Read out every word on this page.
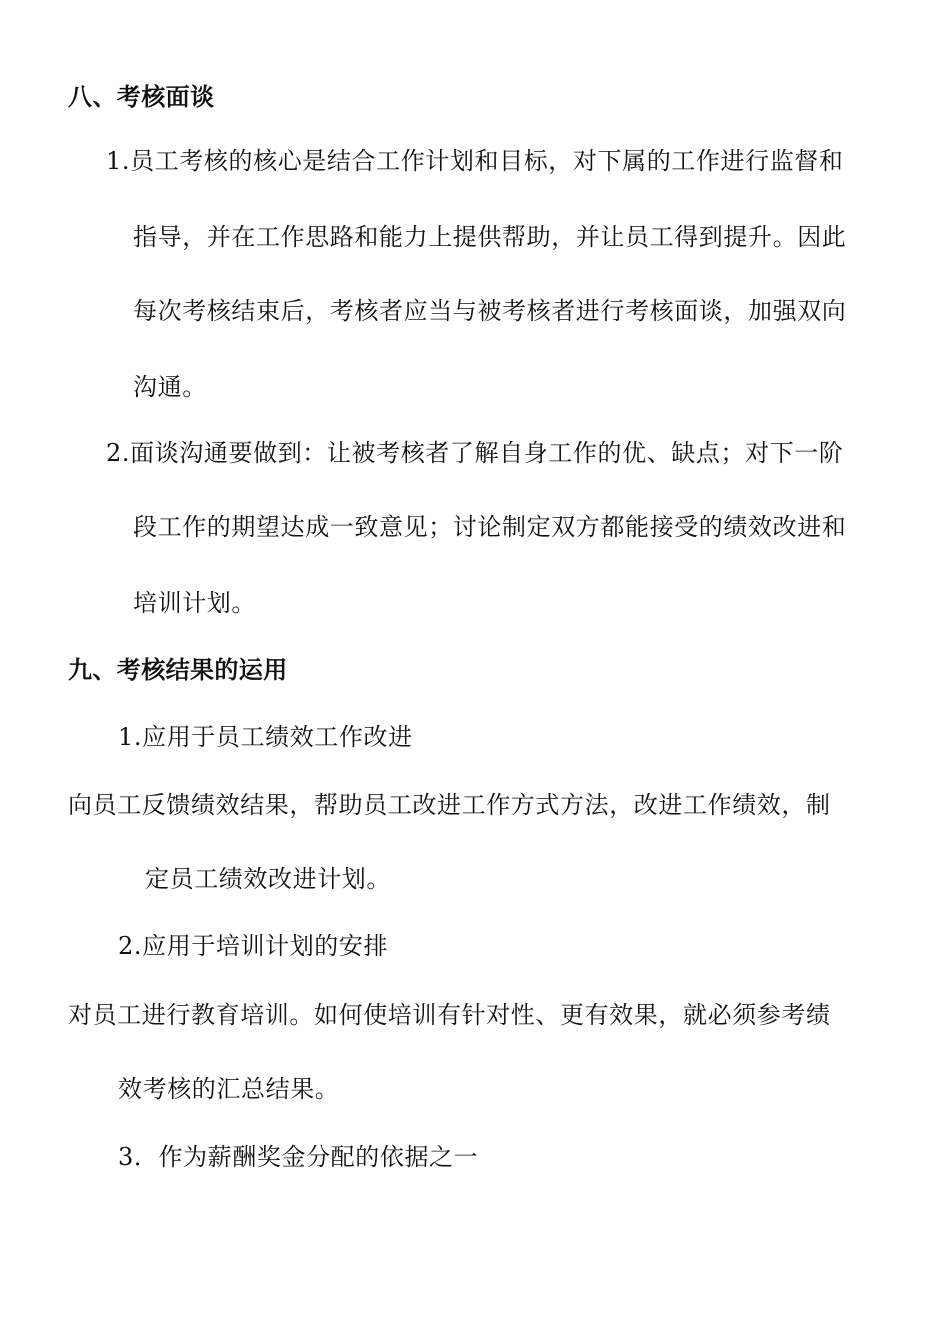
八、考核面谈
1.员工考核的核心是结合工作计划和目标，对下属的工作进行监督和
指导，并在工作思路和能力上提供帮助，并让员工得到提升。因此
每次考核结束后，考核者应当与被考核者进行考核面谈，加强双向
沟通。
2.面谈沟通要做到：让被考核者了解自身工作的优、缺点；对下一阶
段工作的期望达成一致意见；讨论制定双方都能接受的绩效改进和
培训计划。
九、考核结果的运用
1.应用于员工绩效工作改进
向员工反馈绩效结果，帮助员工改进工作方式方法，改进工作绩效，制
定员工绩效改进计划。
2.应用于培训计划的安排
对员工进行教育培训。如何使培训有针对性、更有效果，就必须参考绩
效考核的汇总结果。
3．作为薪酬奖金分配的依据之一
